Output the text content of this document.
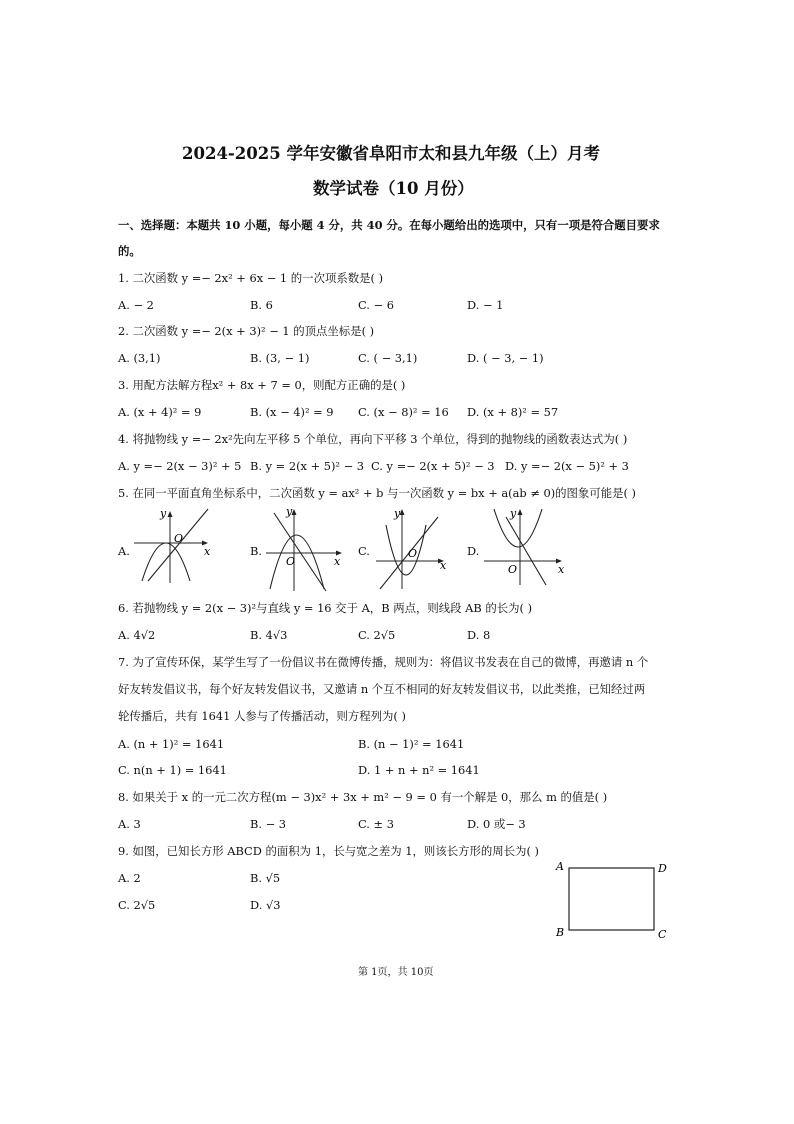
2024-2025 学年安徽省阜阳市太和县九年级（上）月考
数学试卷（10 月份）
一、选择题：本题共 10 小题，每小题 4 分，共 40 分。在每小题给出的选项中，只有一项是符合题目要求
的。
1. 二次函数 y =− 2x² + 6x − 1 的一次项系数是( )
A. − 2	B. 6	C. − 6	D. − 1
2. 二次函数 y =− 2(x + 3)² − 1 的顶点坐标是( )
A. (3,1)	B. (3, − 1)	C. ( − 3,1)	D. ( − 3, − 1)
3. 用配方法解方程x² + 8x + 7 = 0，则配方正确的是( )
A. (x + 4)² = 9	B. (x − 4)² = 9 C. (x − 8)² = 16 D. (x + 8)² = 57
4. 将抛物线 y =− 2x²先向左平移 5 个单位，再向下平移 3 个单位，得到的抛物线的函数表达式为( )
A. y =− 2(x − 3)² + 5 B. y = 2(x + 5)² − 3 C. y =− 2(x + 5)² − 3 D. y =− 2(x − 5)² + 3
5. 在同一平面直角坐标系中，二次函数 y = ax² + b 与一次函数 y = bx + a(ab ≠ 0)的图象可能是( )
A.
y
x
O
B.
y
x
O
C.
y
x
O	D.
y
x
O
6. 若抛物线 y = 2(x − 3)²与直线 y = 16 交于 A，B 两点，则线段 AB 的长为( )
A. 4√2	B. 4√3	C. 2√5	D. 8
7. 为了宣传环保，某学生写了一份倡议书在微博传播，规则为：将倡议书发表在自己的微博，再邀请 n 个
好友转发倡议书，每个好友转发倡议书，又邀请 n 个互不相同的好友转发倡议书，以此类推，已知经过两
轮传播后，共有 1641 人参与了传播活动，则方程列为( )
A. (n + 1)² = 1641	B. (n − 1)² = 1641
C. n(n + 1) = 1641	D. 1 + n + n² = 1641
8. 如果关于 x 的一元二次方程(m − 3)x² + 3x + m² − 9 = 0 有一个解是 0，那么 m 的值是( )
A. 3	B. − 3	C. ± 3	D. 0 或− 3
9. 如图，已知长方形 ABCD 的面积为 1，长与宽之差为 1，则该长方形的周长为( )
A. 2	B. √5
C. 2√5	D. √3
A	D
B	C
第 1页，共 10页
